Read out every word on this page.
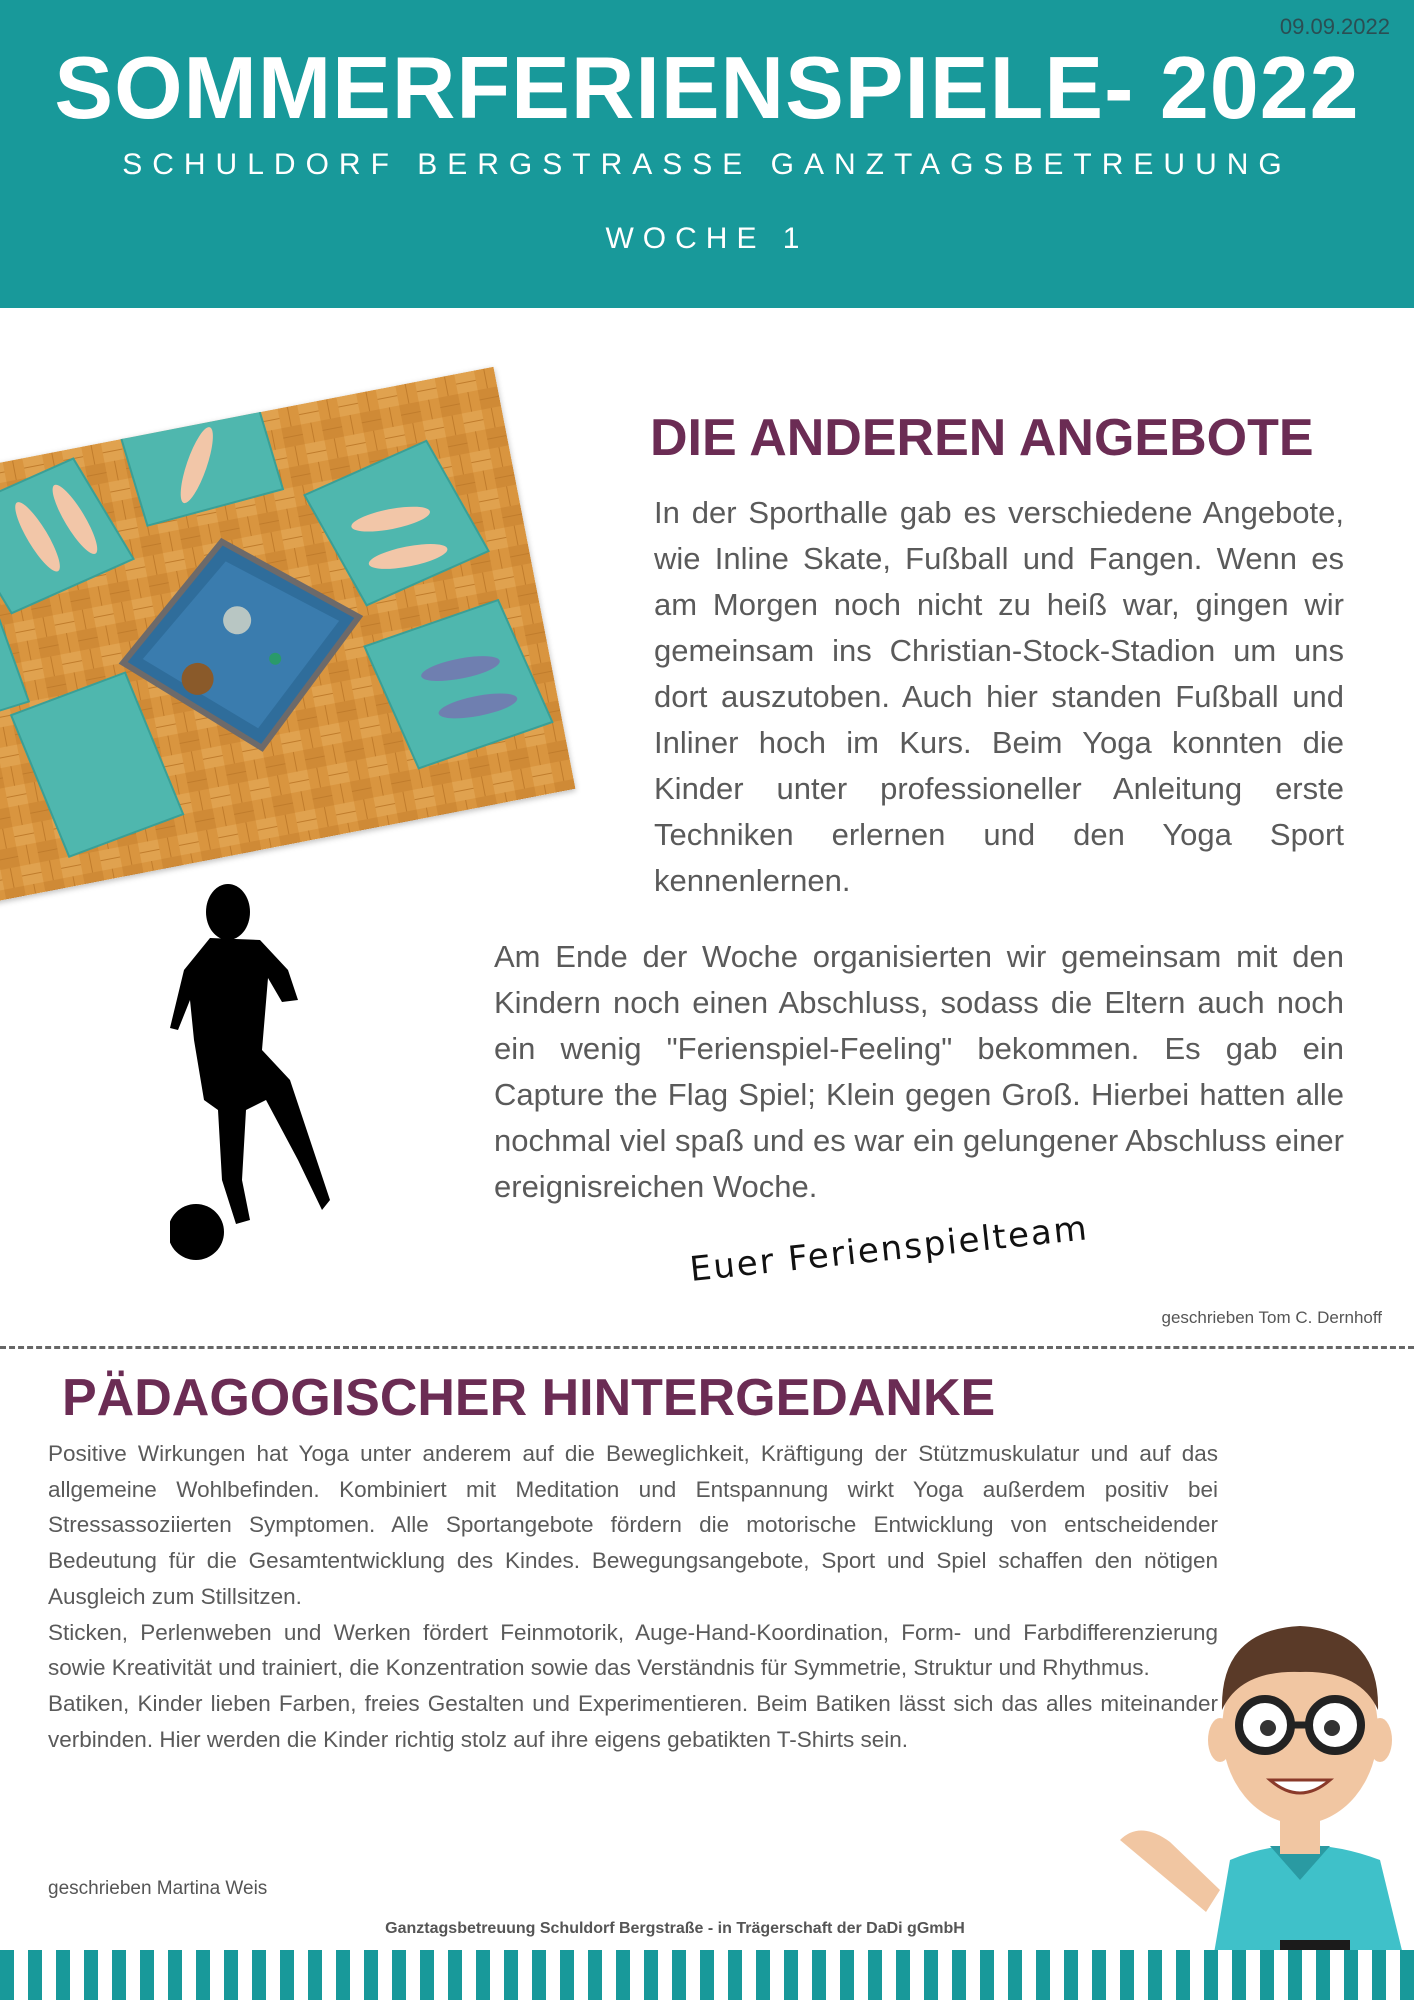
09.09.2022
SOMMERFERIENSPIELE- 2022
SCHULDORF BERGSTRASSE GANZTAGSBETREUUNG
WOCHE 1
DIE ANDEREN ANGEBOTE
In der Sporthalle gab es verschiedene Angebote, wie Inline Skate, Fußball und Fangen. Wenn es am Morgen noch nicht zu heiß war, gingen wir gemeinsam ins Christian-Stock-Stadion um uns dort auszutoben. Auch hier standen Fußball und Inliner hoch im Kurs. Beim Yoga konnten die Kinder unter professioneller Anleitung erste Techniken erlernen und den Yoga Sport kennenlernen.
Am Ende der Woche organisierten wir gemeinsam mit den Kindern noch einen Abschluss, sodass die Eltern auch noch ein wenig "Ferienspiel-Feeling" bekommen. Es gab ein Capture the Flag Spiel; Klein gegen Groß. Hierbei hatten alle nochmal viel spaß und es war ein gelungener Abschluss einer ereignisreichen Woche.
Euer Ferienspielteam
geschrieben Tom C. Dernhoff
PÄDAGOGISCHER HINTERGEDANKE

Positive Wirkungen hat Yoga unter anderem auf die Beweglichkeit, Kräftigung der Stützmuskulatur und auf das allgemeine Wohlbefinden. Kombiniert mit Meditation und Entspannung wirkt Yoga außerdem positiv bei Stressassoziierten Symptomen. Alle Sportangebote fördern die motorische Entwicklung von entscheidender Bedeutung für die Gesamtentwicklung des Kindes. Bewegungsangebote, Sport und Spiel schaffen den nötigen Ausgleich zum Stillsitzen.

Sticken, Perlenweben und Werken fördert Feinmotorik, Auge-Hand-Koordination, Form- und Farbdifferenzierung sowie Kreativität und trainiert, die Konzentration sowie das Verständnis für Symmetrie, Struktur und Rhythmus.

Batiken, Kinder lieben Farben, freies Gestalten und Experimentieren. Beim Batiken lässt sich das alles miteinander verbinden. Hier werden die Kinder richtig stolz auf ihre eigens gebatikten T-Shirts sein.

geschrieben Martina Weis
Ganztagsbetreuung Schuldorf Bergstraße - in Trägerschaft der DaDi gGmbH
